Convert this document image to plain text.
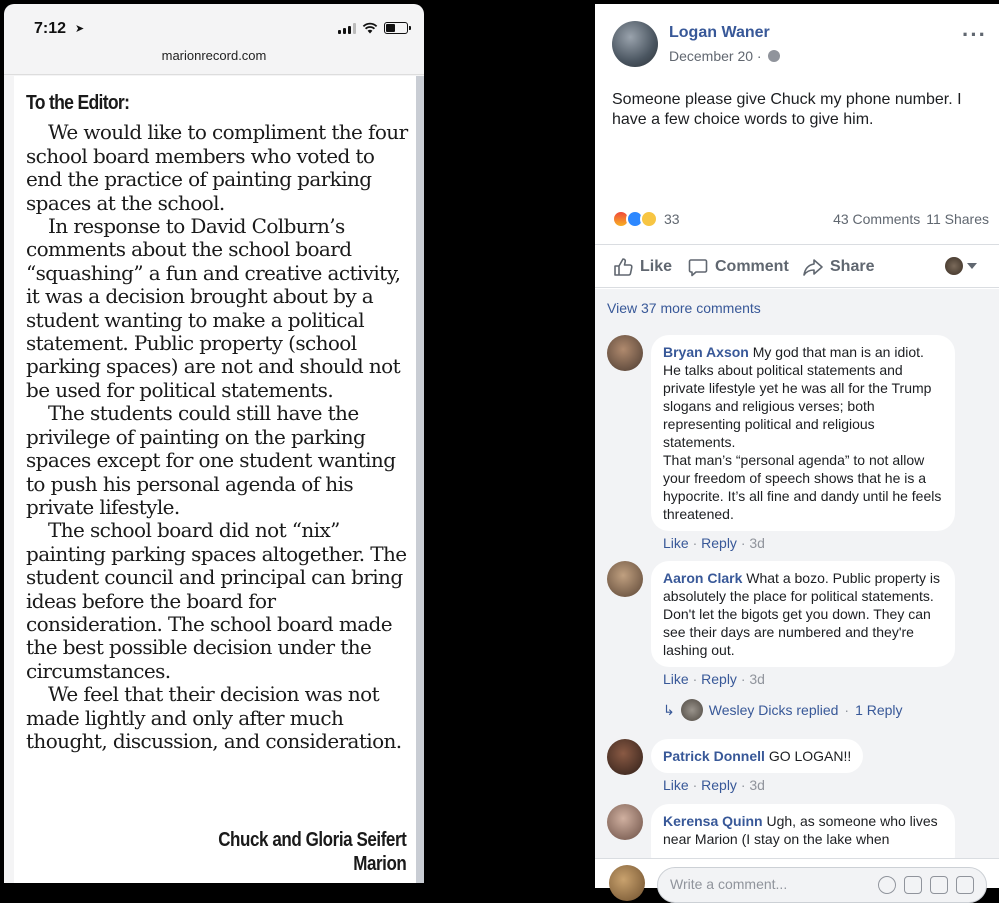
7:12 ➤
marionrecord.com
To the Editor:

We would like to compliment the four school board members who voted to end the practice of painting parking spaces at the school.

In response to David Colburn’s comments about the school board “squashing” a fun and creative activity, it was a decision brought about by a student wanting to make a political statement. Public property (school parking spaces) are not and should not be used for political statements.

The students could still have the privilege of painting on the parking spaces except for one student wanting to push his personal agenda of his private lifestyle.

The school board did not “nix” painting parking spaces altogether. The student council and principal can bring ideas before the board for consideration. The school board made the best possible decision under the circumstances.

We feel that their decision was not made lightly and only after much thought, discussion, and consideration.

Chuck and Gloria Seifert
Marion
Logan Waner
December 20 ·
···
Someone please give Chuck my phone number. I have a few choice words to give him.
33	43 Comments 11 Shares
Like	Comment	Share
View 37 more comments
Bryan Axson My god that man is an idiot. He talks about political statements and private lifestyle yet he was all for the Trump slogans and religious verses; both representing political and religious statements.
That man’s “personal agenda” to not allow your freedom of speech shows that he is a hypocrite. It’s all fine and dandy until he feels threatened.
Like · Reply · 3d
Aaron Clark What a bozo. Public property is absolutely the place for political statements. Don't let the bigots get you down. They can see their days are numbered and they're lashing out.
Like · Reply · 3d
↳ Wesley Dicks replied · 1 Reply
Patrick Donnell GO LOGAN!!
Like · Reply · 3d
Kerensa Quinn Ugh, as someone who lives near Marion (I stay on the lake when
Write a comment...
